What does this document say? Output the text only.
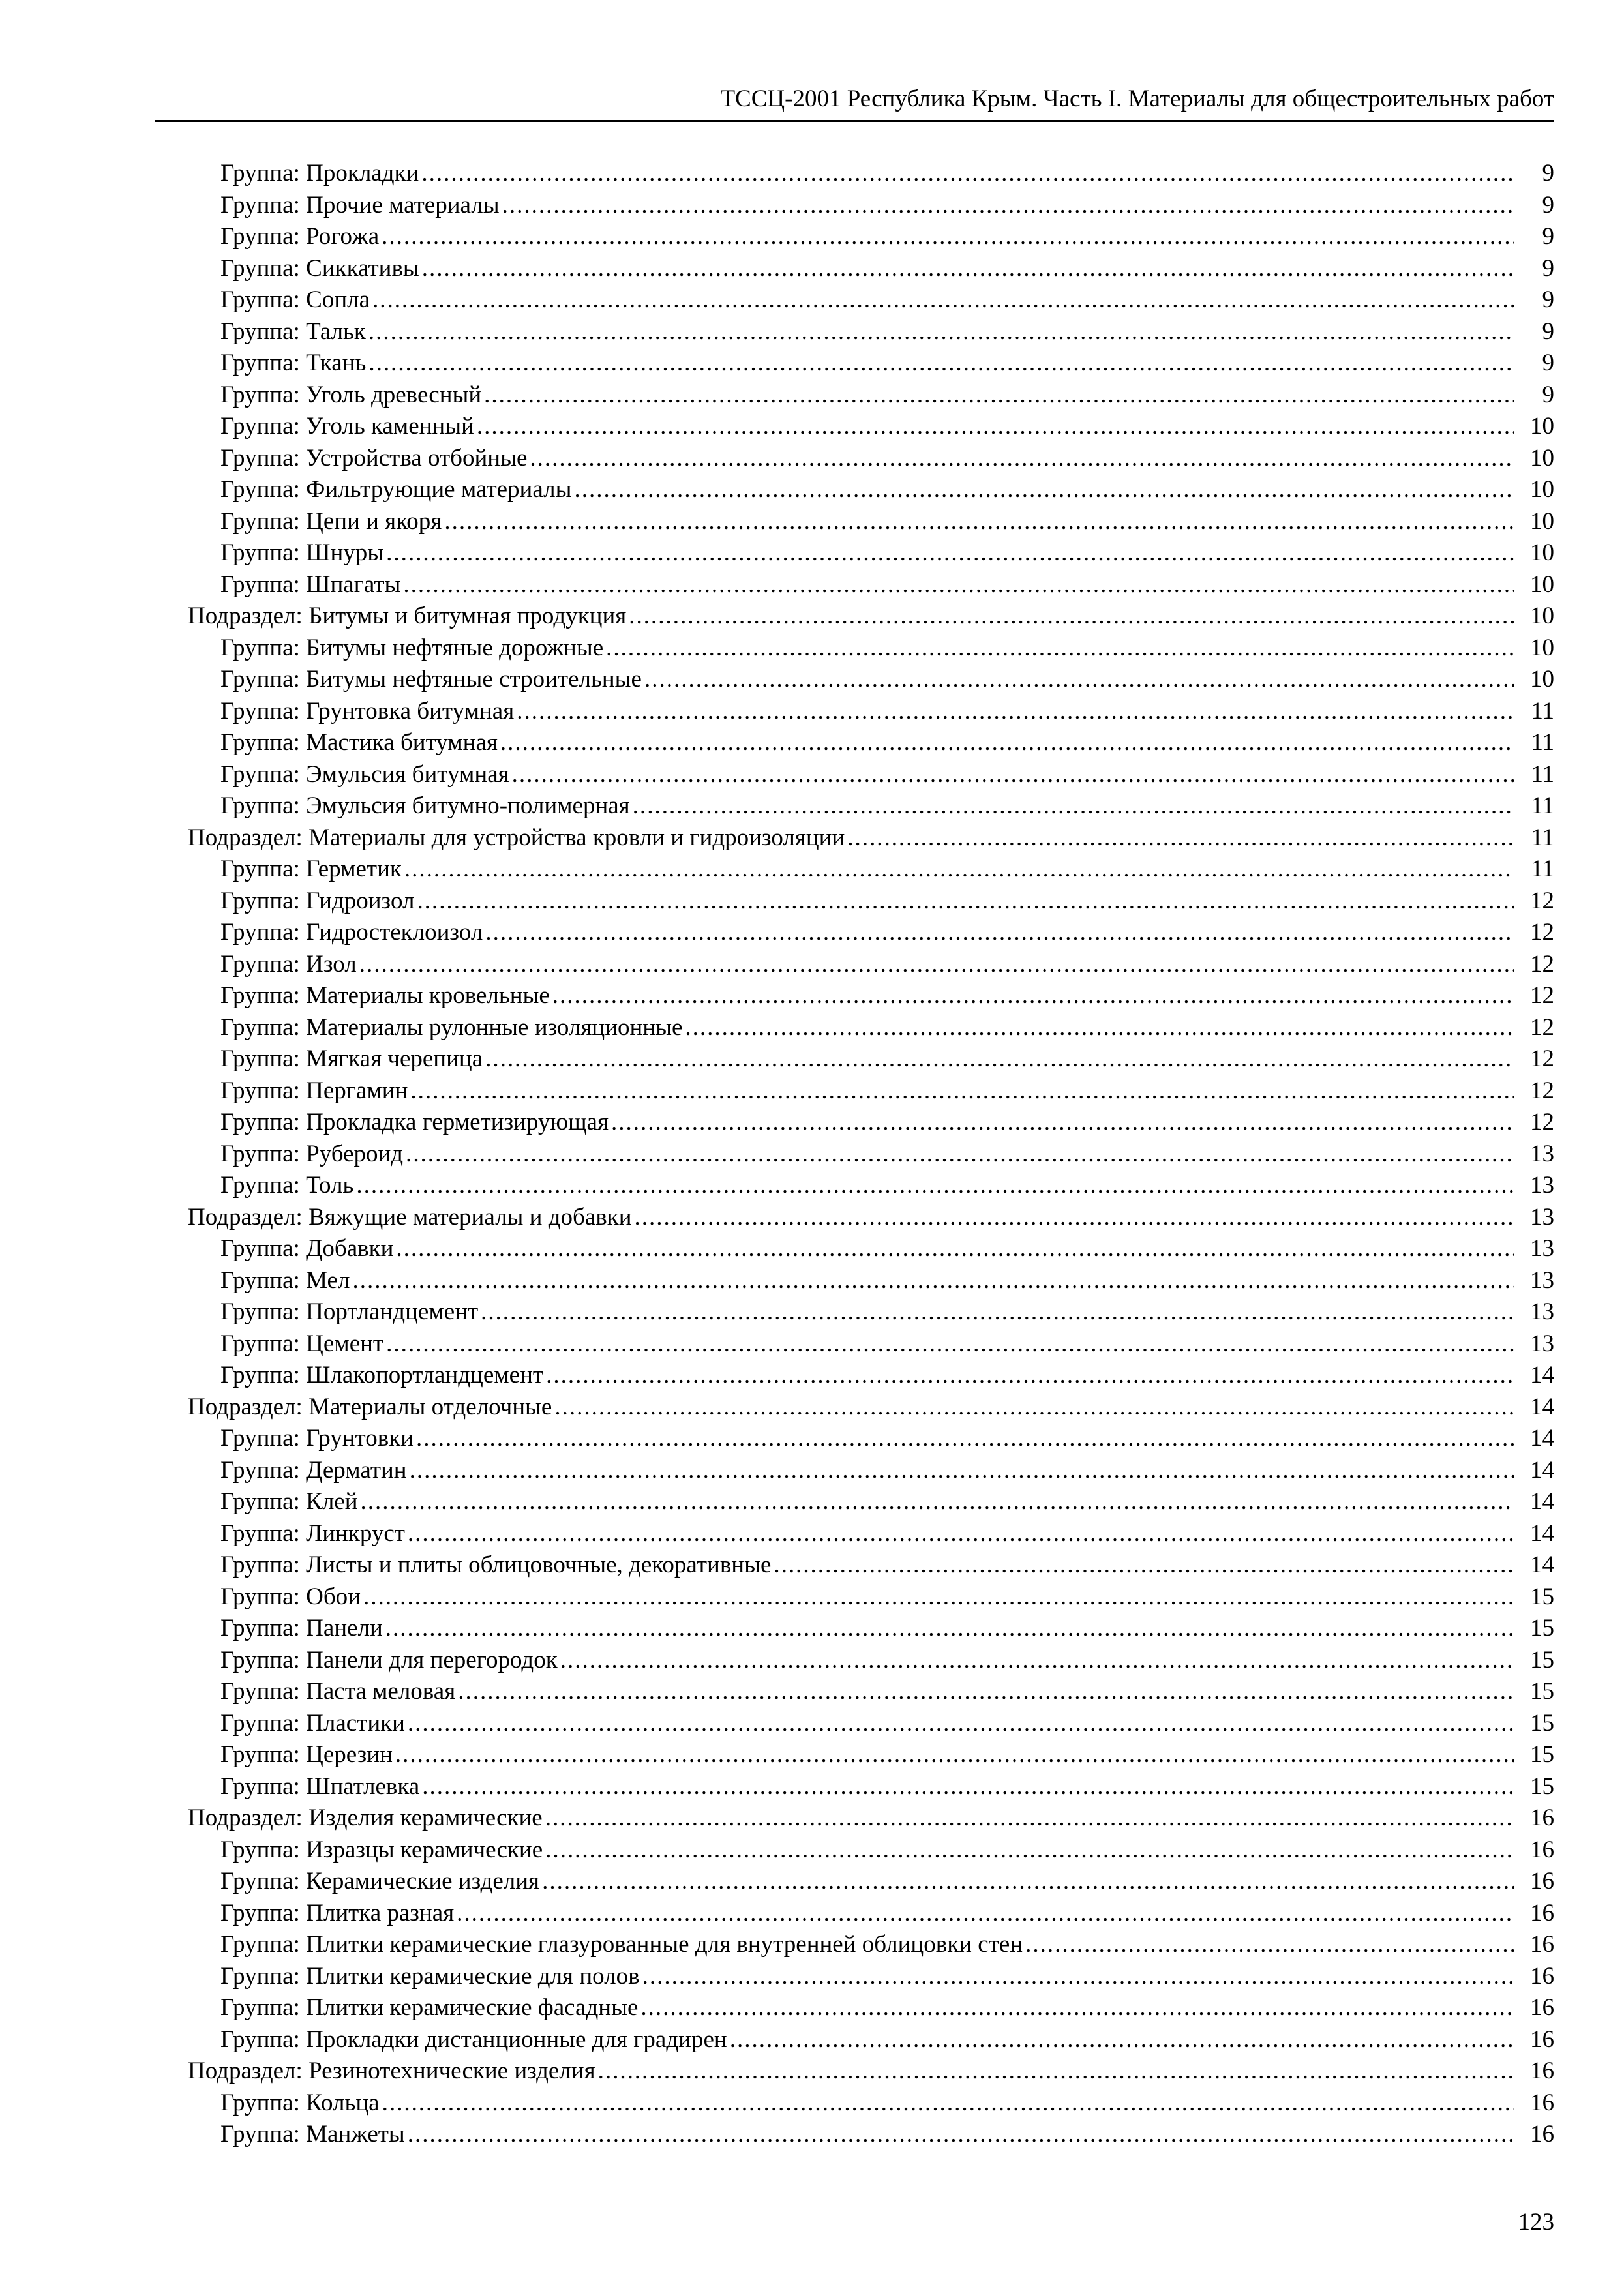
ТССЦ-2001 Республика Крым. Часть I. Материалы для общестроительных работ
Группа: Прокладки .....	9
Группа: Прочие материалы .....	9
Группа: Рогожа .....	9
Группа: Сиккативы .....	9
Группа: Сопла .....	9
Группа: Тальк .....	9
Группа: Ткань .....	9
Группа: Уголь древесный .....	9
Группа: Уголь каменный .....	10
Группа: Устройства отбойные .....	10
Группа: Фильтрующие материалы .....	10
Группа: Цепи и якоря .....	10
Группа: Шнуры .....	10
Группа: Шпагаты .....	10
Подраздел: Битумы и битумная продукция .....	10
Группа: Битумы нефтяные дорожные .....	10
Группа: Битумы нефтяные строительные .....	10
Группа: Грунтовка битумная .....	11
Группа: Мастика битумная .....	11
Группа: Эмульсия битумная .....	11
Группа: Эмульсия битумно-полимерная .....	11
Подраздел: Материалы для устройства кровли и гидроизоляции .....	11
Группа: Герметик .....	11
Группа: Гидроизол .....	12
Группа: Гидростеклоизол .....	12
Группа: Изол .....	12
Группа: Материалы кровельные .....	12
Группа: Материалы рулонные изоляционные .....	12
Группа: Мягкая черепица .....	12
Группа: Пергамин .....	12
Группа: Прокладка герметизирующая .....	12
Группа: Рубероид .....	13
Группа: Толь .....	13
Подраздел: Вяжущие материалы и добавки .....	13
Группа: Добавки .....	13
Группа: Мел .....	13
Группа: Портландцемент .....	13
Группа: Цемент .....	13
Группа: Шлакопортландцемент .....	14
Подраздел: Материалы отделочные .....	14
Группа: Грунтовки .....	14
Группа: Дерматин .....	14
Группа: Клей .....	14
Группа: Линкруст .....	14
Группа: Листы и плиты облицовочные, декоративные .....	14
Группа: Обои .....	15
Группа: Панели .....	15
Группа: Панели для перегородок .....	15
Группа: Паста меловая .....	15
Группа: Пластики .....	15
Группа: Церезин .....	15
Группа: Шпатлевка .....	15
Подраздел: Изделия керамические .....	16
Группа: Изразцы керамические .....	16
Группа: Керамические изделия .....	16
Группа: Плитка разная .....	16
Группа: Плитки керамические глазурованные для внутренней облицовки стен .....	16
Группа: Плитки керамические для полов .....	16
Группа: Плитки керамические фасадные .....	16
Группа: Прокладки дистанционные для градирен .....	16
Подраздел: Резинотехнические изделия .....	16
Группа: Кольца .....	16
Группа: Манжеты .....	16
123
